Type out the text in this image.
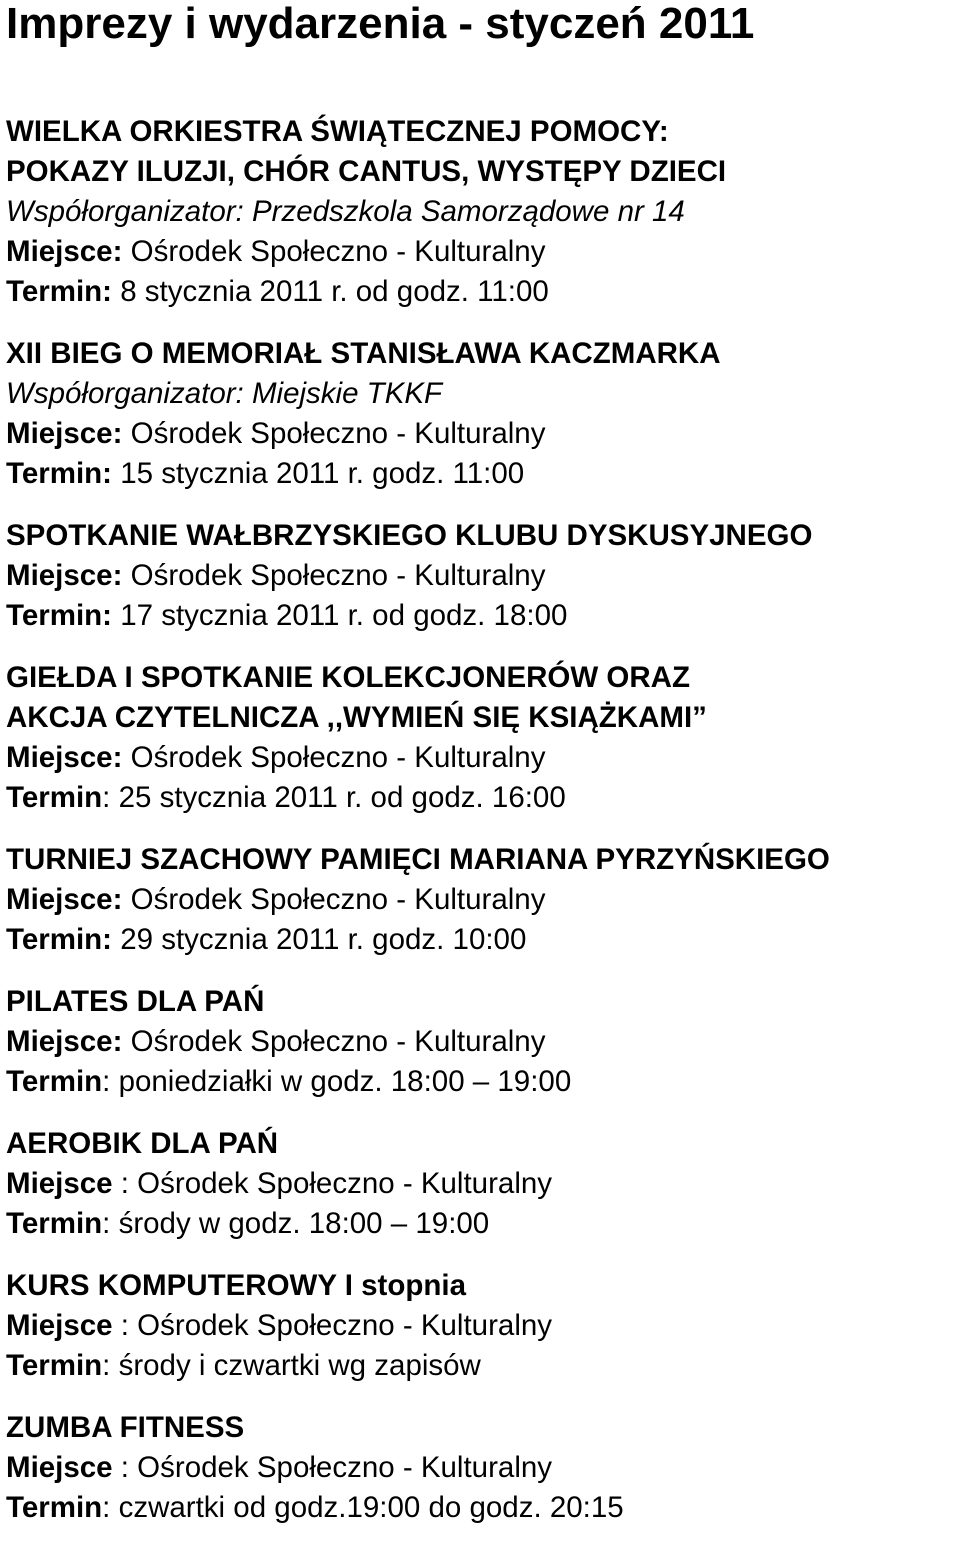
Imprezy i wydarzenia - styczeń 2011
WIELKA ORKIESTRA ŚWIĄTECZNEJ POMOCY:
POKAZY ILUZJI, CHÓR CANTUS, WYSTĘPY DZIECI
Współorganizator: Przedszkola Samorządowe nr 14
Miejsce: Ośrodek Społeczno - Kulturalny
Termin: 8 stycznia 2011 r. od godz. 11:00
XII BIEG O MEMORIAŁ STANISŁAWA KACZMARKA
Współorganizator: Miejskie TKKF
Miejsce: Ośrodek Społeczno - Kulturalny
Termin: 15 stycznia 2011 r. godz. 11:00
SPOTKANIE WAŁBRZYSKIEGO KLUBU DYSKUSYJNEGO
Miejsce: Ośrodek Społeczno - Kulturalny
Termin: 17 stycznia 2011 r. od godz. 18:00
GIEŁDA I SPOTKANIE KOLEKCJONERÓW ORAZ
AKCJA CZYTELNICZA ,,WYMIEŃ SIĘ KSIĄŻKAMI”
Miejsce: Ośrodek Społeczno - Kulturalny
Termin: 25 stycznia 2011 r. od godz. 16:00
TURNIEJ SZACHOWY PAMIĘCI MARIANA PYRZYŃSKIEGO
Miejsce: Ośrodek Społeczno - Kulturalny
Termin: 29 stycznia 2011 r. godz. 10:00
PILATES DLA PAŃ
Miejsce: Ośrodek Społeczno - Kulturalny
Termin: poniedziałki w godz. 18:00 – 19:00
AEROBIK DLA PAŃ
Miejsce : Ośrodek Społeczno - Kulturalny
Termin: środy w godz. 18:00 – 19:00
KURS KOMPUTEROWY I stopnia
Miejsce : Ośrodek Społeczno - Kulturalny
Termin: środy i czwartki wg zapisów
ZUMBA FITNESS
Miejsce : Ośrodek Społeczno - Kulturalny
Termin: czwartki od godz.19:00 do godz. 20:15
